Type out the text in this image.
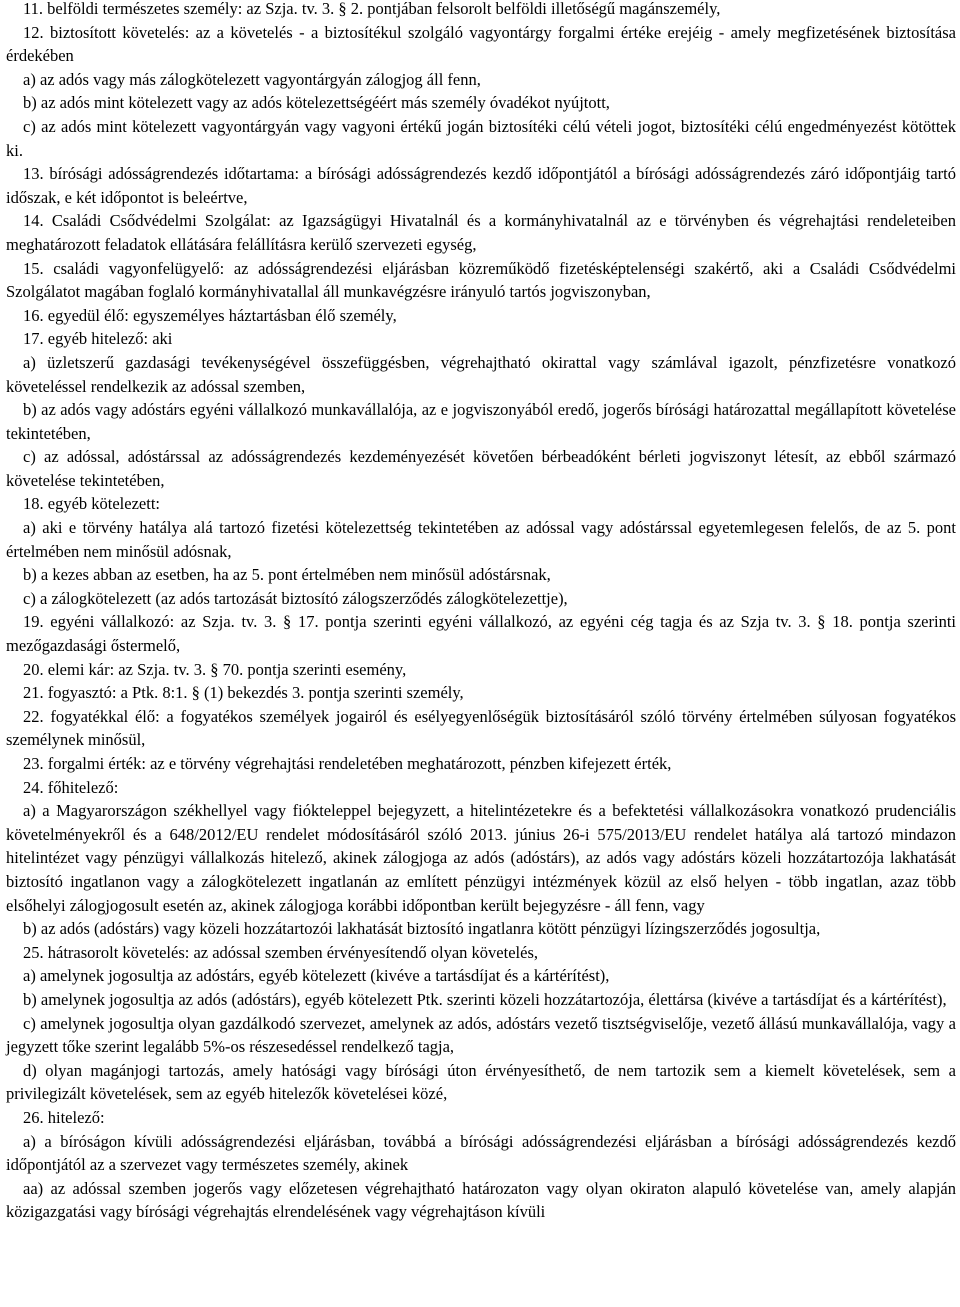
11. belföldi természetes személy: az Szja. tv. 3. § 2. pontjában felsorolt belföldi illetőségű magánszemély,

12. biztosított követelés: az a követelés - a biztosítékul szolgáló vagyontárgy forgalmi értéke erejéig - amely megfizetésének biztosítása érdekében

a) az adós vagy más zálogkötelezett vagyontárgyán zálogjog áll fenn,

b) az adós mint kötelezett vagy az adós kötelezettségéért más személy óvadékot nyújtott,

c) az adós mint kötelezett vagyontárgyán vagy vagyoni értékű jogán biztosítéki célú vételi jogot, biztosítéki célú engedményezést kötöttek ki.

13. bírósági adósságrendezés időtartama: a bírósági adósságrendezés kezdő időpontjától a bírósági adósságrendezés záró időpontjáig tartó időszak, e két időpontot is beleértve,

14. Családi Csődvédelmi Szolgálat: az Igazságügyi Hivatalnál és a kormányhivatalnál az e törvényben és végrehajtási rendeleteiben meghatározott feladatok ellátására felállításra kerülő szervezeti egység,

15. családi vagyonfelügyelő: az adósságrendezési eljárásban közreműködő fizetésképtelenségi szakértő, aki a Családi Csődvédelmi Szolgálatot magában foglaló kormányhivatallal áll munkavégzésre irányuló tartós jogviszonyban,

16. egyedül élő: egyszemélyes háztartásban élő személy,

17. egyéb hitelező: aki

a) üzletszerű gazdasági tevékenységével összefüggésben, végrehajtható okirattal vagy számlával igazolt, pénzfizetésre vonatkozó követeléssel rendelkezik az adóssal szemben,

b) az adós vagy adóstárs egyéni vállalkozó munkavállalója, az e jogviszonyából eredő, jogerős bírósági határozattal megállapított követelése tekintetében,

c) az adóssal, adóstárssal az adósságrendezés kezdeményezését követően bérbeadóként bérleti jogviszonyt létesít, az ebből származó követelése tekintetében,

18. egyéb kötelezett:

a) aki e törvény hatálya alá tartozó fizetési kötelezettség tekintetében az adóssal vagy adóstárssal egyetemlegesen felelős, de az 5. pont értelmében nem minősül adósnak,

b) a kezes abban az esetben, ha az 5. pont értelmében nem minősül adóstársnak,

c) a zálogkötelezett (az adós tartozását biztosító zálogszerződés zálogkötelezettje),

19. egyéni vállalkozó: az Szja. tv. 3. § 17. pontja szerinti egyéni vállalkozó, az egyéni cég tagja és az Szja tv. 3. § 18. pontja szerinti mezőgazdasági őstermelő,

20. elemi kár: az Szja. tv. 3. § 70. pontja szerinti esemény,

21. fogyasztó: a Ptk. 8:1. § (1) bekezdés 3. pontja szerinti személy,

22. fogyatékkal élő: a fogyatékos személyek jogairól és esélyegyenlőségük biztosításáról szóló törvény értelmében súlyosan fogyatékos személynek minősül,

23. forgalmi érték: az e törvény végrehajtási rendeletében meghatározott, pénzben kifejezett érték,

24. főhitelező:

a) a Magyarországon székhellyel vagy fiókteleppel bejegyzett, a hitelintézetekre és a befektetési vállalkozásokra vonatkozó prudenciális követelményekről és a 648/2012/EU rendelet módosításáról szóló 2013. június 26-i 575/2013/EU rendelet hatálya alá tartozó mindazon hitelintézet vagy pénzügyi vállalkozás hitelező, akinek zálogjoga az adós (adóstárs), az adós vagy adóstárs közeli hozzátartozója lakhatását biztosító ingatlanon vagy a zálogkötelezett ingatlanán az említett pénzügyi intézmények közül az első helyen - több ingatlan, azaz több elsőhelyi zálogjogosult esetén az, akinek zálogjoga korábbi időpontban került bejegyzésre - áll fenn, vagy

b) az adós (adóstárs) vagy közeli hozzátartozói lakhatását biztosító ingatlanra kötött pénzügyi lízingszerződés jogosultja,

25. hátrasorolt követelés: az adóssal szemben érvényesítendő olyan követelés,

a) amelynek jogosultja az adóstárs, egyéb kötelezett (kivéve a tartásdíjat és a kártérítést),

b) amelynek jogosultja az adós (adóstárs), egyéb kötelezett Ptk. szerinti közeli hozzátartozója, élettársa (kivéve a tartásdíjat és a kártérítést),

c) amelynek jogosultja olyan gazdálkodó szervezet, amelynek az adós, adóstárs vezető tisztségviselője, vezető állású munkavállalója, vagy a jegyzett tőke szerint legalább 5%-os részesedéssel rendelkező tagja,

d) olyan magánjogi tartozás, amely hatósági vagy bírósági úton érvényesíthető, de nem tartozik sem a kiemelt követelések, sem a privilegizált követelések, sem az egyéb hitelezők követelései közé,

26. hitelező:

a) a bíróságon kívüli adósságrendezési eljárásban, továbbá a bírósági adósságrendezési eljárásban a bírósági adósságrendezés kezdő időpontjától az a szervezet vagy természetes személy, akinek

aa) az adóssal szemben jogerős vagy előzetesen végrehajtható határozaton vagy olyan okiraton alapuló követelése van, amely alapján közigazgatási vagy bírósági végrehajtás elrendelésének vagy végrehajtáson kívüli
